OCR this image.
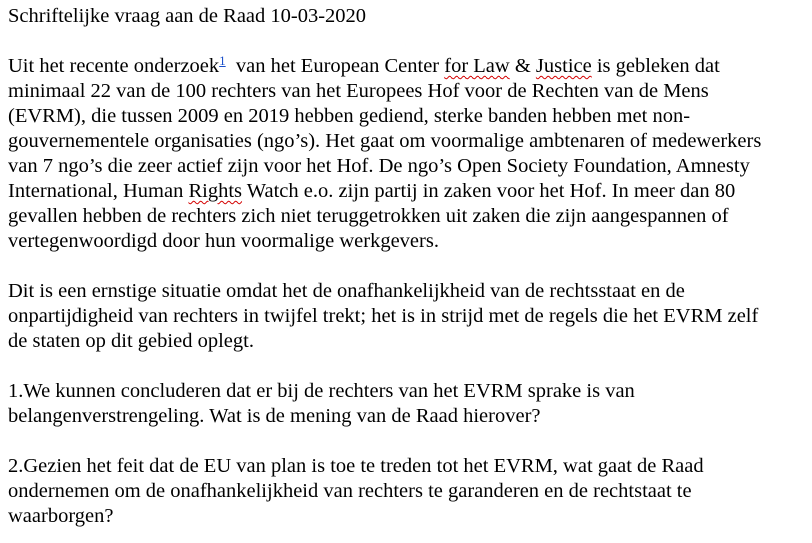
Schriftelijke vraag aan de Raad 10-03-2020

Uit het recente onderzoek$^1$  van het European Center for Law & Justice is gebleken dat
minimaal 22 van de 100 rechters van het Europees Hof voor de Rechten van de Mens
(EVRM), die tussen 2009 en 2019 hebben gediend, sterke banden hebben met non-
gouvernementele organisaties (ngo’s). Het gaat om voormalige ambtenaren of medewerkers
van 7 ngo’s die zeer actief zijn voor het Hof. De ngo’s Open Society Foundation, Amnesty
International, Human Rights Watch e.o. zijn partij in zaken voor het Hof. In meer dan 80
gevallen hebben de rechters zich niet teruggetrokken uit zaken die zijn aangespannen of
vertegenwoordigd door hun voormalige werkgevers.

Dit is een ernstige situatie omdat het de onafhankelijkheid van de rechtsstaat en de
onpartijdigheid van rechters in twijfel trekt; het is in strijd met de regels die het EVRM zelf
de staten op dit gebied oplegt.

1.We kunnen concluderen dat er bij de rechters van het EVRM sprake is van
belangenverstrengeling. Wat is de mening van de Raad hierover?

2.Gezien het feit dat de EU van plan is toe te treden tot het EVRM, wat gaat de Raad
ondernemen om de onafhankelijkheid van rechters te garanderen en de rechtstaat te
waarborgen?
